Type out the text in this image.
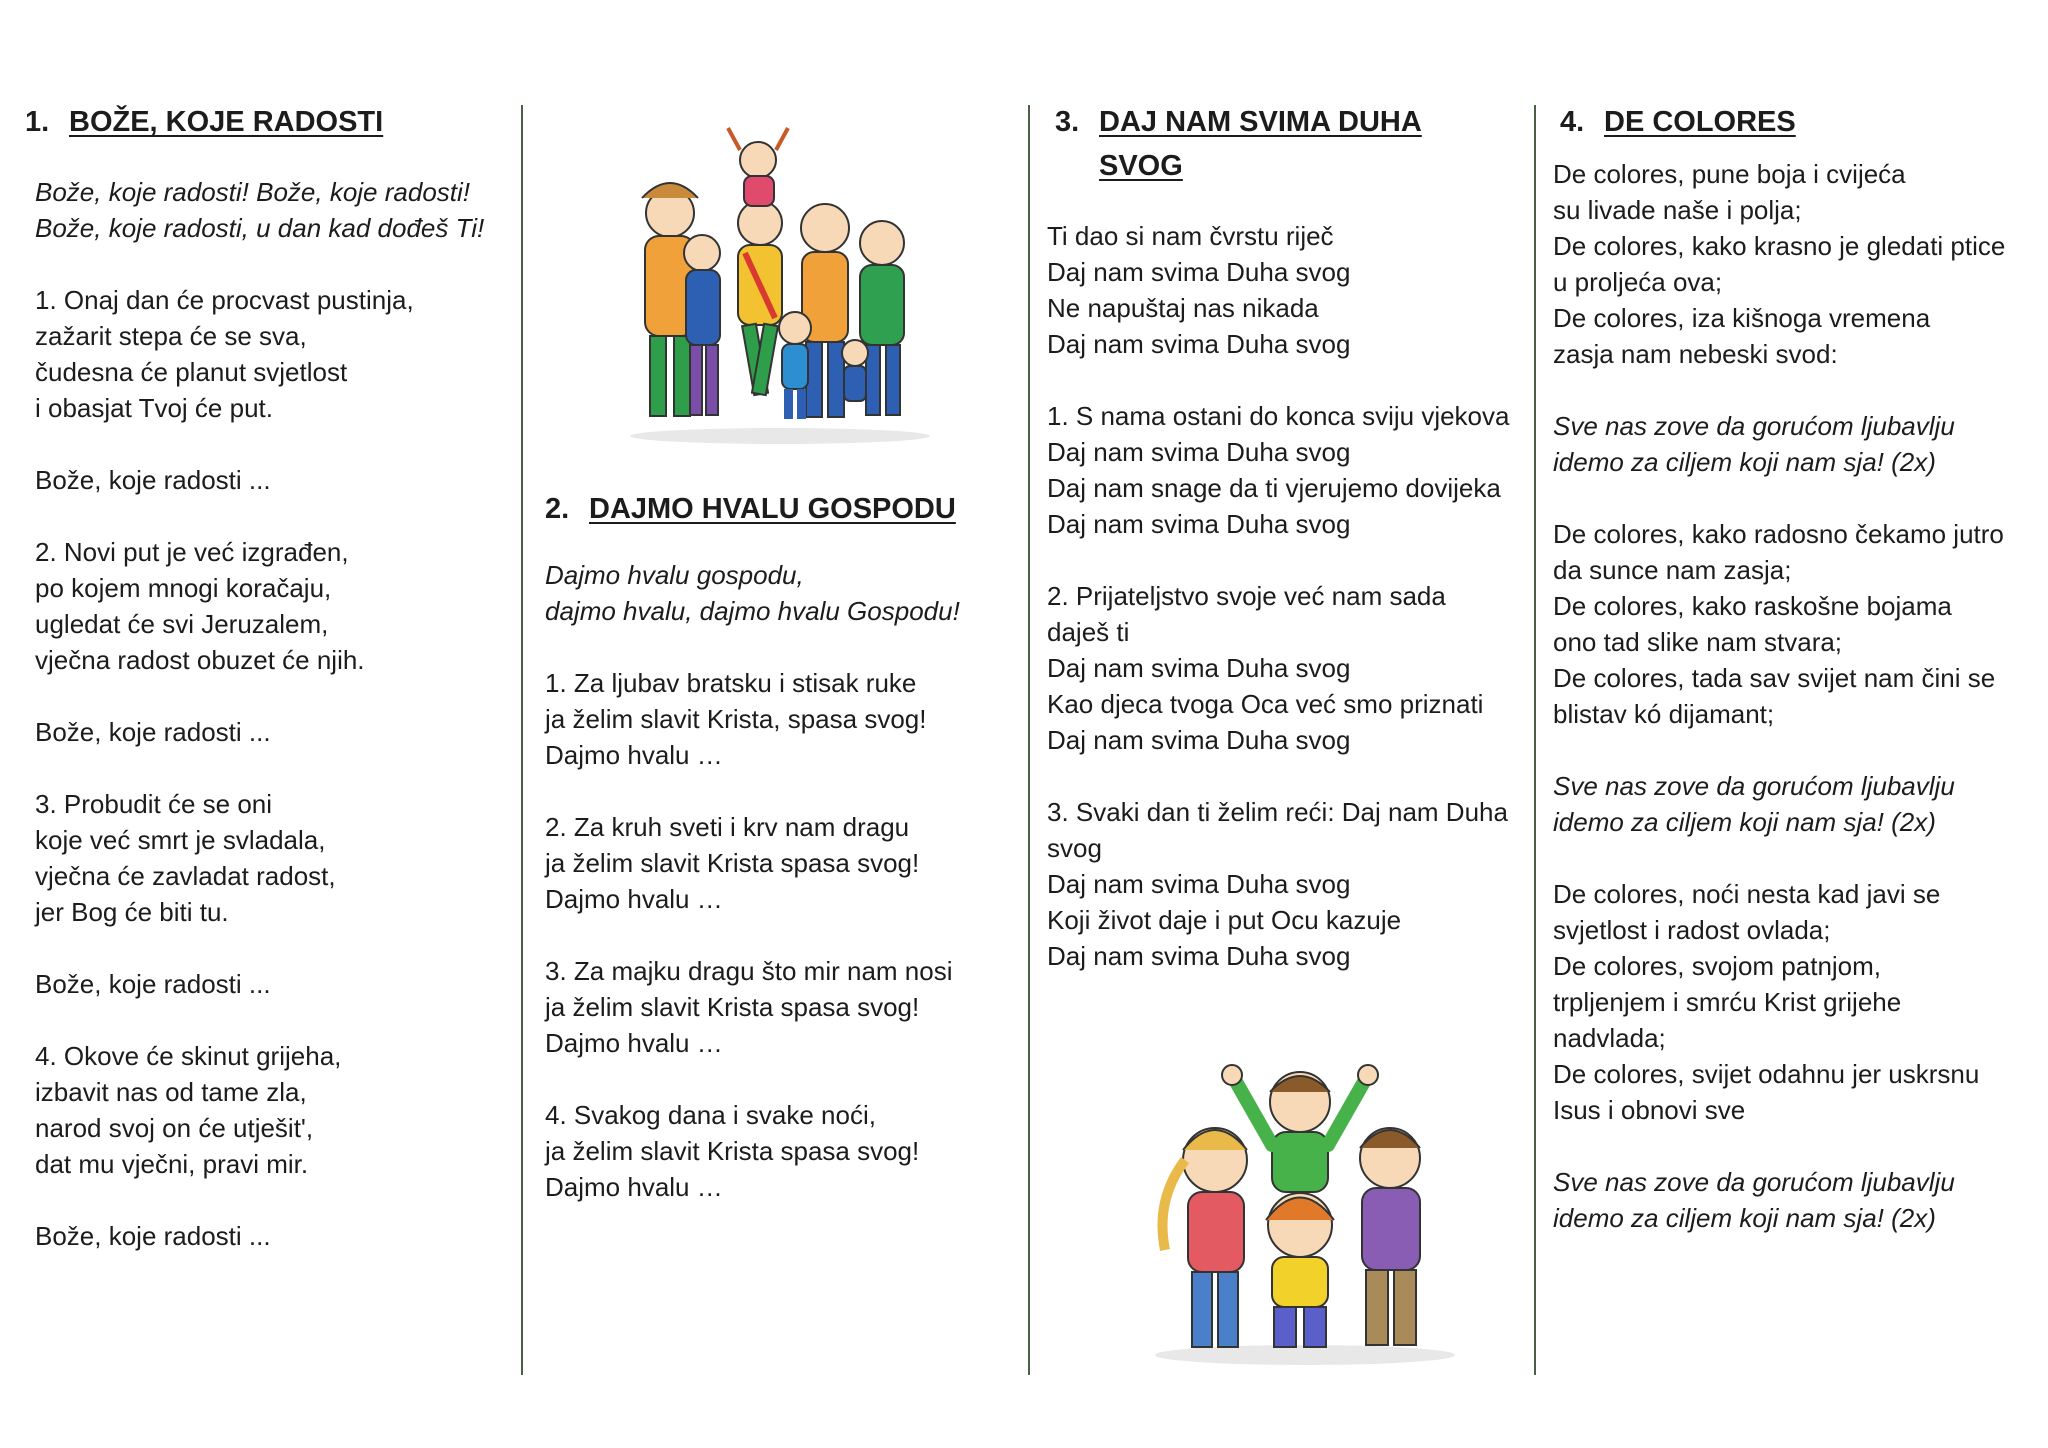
1. BOŽE, KOJE RADOSTI
Bože, koje radosti! Bože, koje radosti!
Bože, koje radosti, u dan kad dođeš Ti!
1. Onaj dan će procvast pustinja,
zažarit stepa će se sva,
čudesna će planut svjetlost
i obasjat Tvoj će put.
Bože, koje radosti ...
2. Novi put je već izgrađen,
po kojem mnogi koračaju,
ugledat će svi Jeruzalem,
vječna radost obuzet će njih.
Bože, koje radosti ...
3. Probudit će se oni
koje već smrt je svladala,
vječna će zavladat radost,
jer Bog će biti tu.
Bože, koje radosti ...
4. Okove će skinut grijeha,
izbavit nas od tame zla,
narod svoj on će utješit',
dat mu vječni, pravi mir.
Bože, koje radosti ...
2. DAJMO HVALU GOSPODU
Dajmo hvalu gospodu,
dajmo hvalu, dajmo hvalu Gospodu!
1. Za ljubav bratsku i stisak ruke
ja želim slavit Krista, spasa svog!
Dajmo hvalu …
2. Za kruh sveti i krv nam dragu
ja želim slavit Krista spasa svog!
Dajmo hvalu …
3. Za majku dragu što mir nam nosi
ja želim slavit Krista spasa svog!
Dajmo hvalu …
4. Svakog dana i svake noći,
ja želim slavit Krista spasa svog!
Dajmo hvalu …
3. DAJ NAM SVIMA DUHA
SVOG
Ti dao si nam čvrstu riječ
Daj nam svima Duha svog
Ne napuštaj nas nikada
Daj nam svima Duha svog
1. S nama ostani do konca sviju vjekova
Daj nam svima Duha svog
Daj nam snage da ti vjerujemo dovijeka
Daj nam svima Duha svog
2. Prijateljstvo svoje već nam sada
daješ ti
Daj nam svima Duha svog
Kao djeca tvoga Oca već smo priznati
Daj nam svima Duha svog
3. Svaki dan ti želim reći: Daj nam Duha
svog
Daj nam svima Duha svog
Koji život daje i put Ocu kazuje
Daj nam svima Duha svog
4. DE COLORES
De colores, pune boja i cvijeća
su livade naše i polja;
De colores, kako krasno je gledati ptice
u proljeća ova;
De colores, iza kišnoga vremena
zasja nam nebeski svod:
Sve nas zove da gorućom ljubavlju
idemo za ciljem koji nam sja! (2x)
De colores, kako radosno čekamo jutro
da sunce nam zasja;
De colores, kako raskošne bojama
ono tad slike nam stvara;
De colores, tada sav svijet nam čini se
blistav kó dijamant;
Sve nas zove da gorućom ljubavlju
idemo za ciljem koji nam sja! (2x)
De colores, noći nesta kad javi se
svjetlost i radost ovlada;
De colores, svojom patnjom,
trpljenjem i smrću Krist grijehe
nadvlada;
De colores, svijet odahnu jer uskrsnu
Isus i obnovi sve
Sve nas zove da gorućom ljubavlju
idemo za ciljem koji nam sja! (2x)
